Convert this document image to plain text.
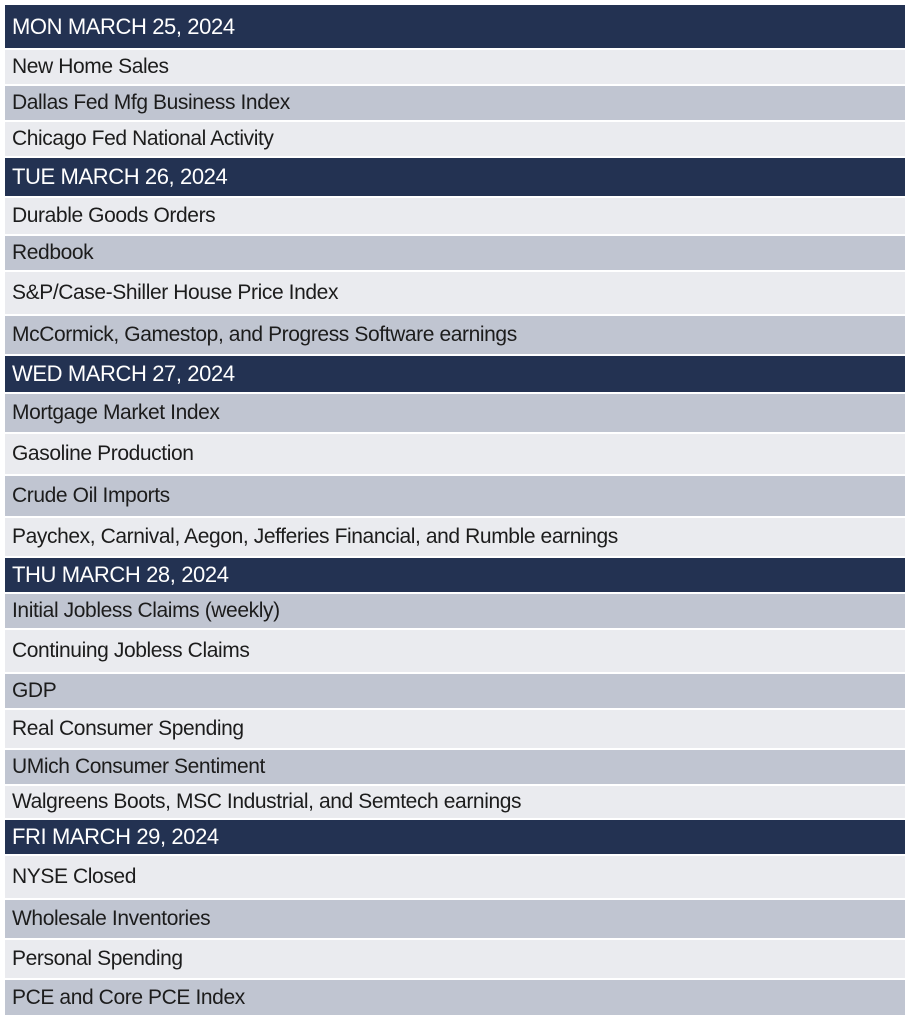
MON MARCH 25, 2024
New Home Sales
Dallas Fed Mfg Business Index
Chicago Fed National Activity
TUE MARCH 26, 2024
Durable Goods Orders
Redbook
S&P/Case-Shiller House Price Index
McCormick, Gamestop, and Progress Software earnings
WED MARCH 27, 2024
Mortgage Market Index
Gasoline Production
Crude Oil Imports
Paychex, Carnival, Aegon, Jefferies Financial, and Rumble earnings
THU MARCH 28, 2024
Initial Jobless Claims (weekly)
Continuing Jobless Claims
GDP
Real Consumer Spending
UMich Consumer Sentiment
Walgreens Boots, MSC Industrial, and Semtech earnings
FRI MARCH 29, 2024
NYSE Closed
Wholesale Inventories
Personal Spending
PCE and Core PCE Index
